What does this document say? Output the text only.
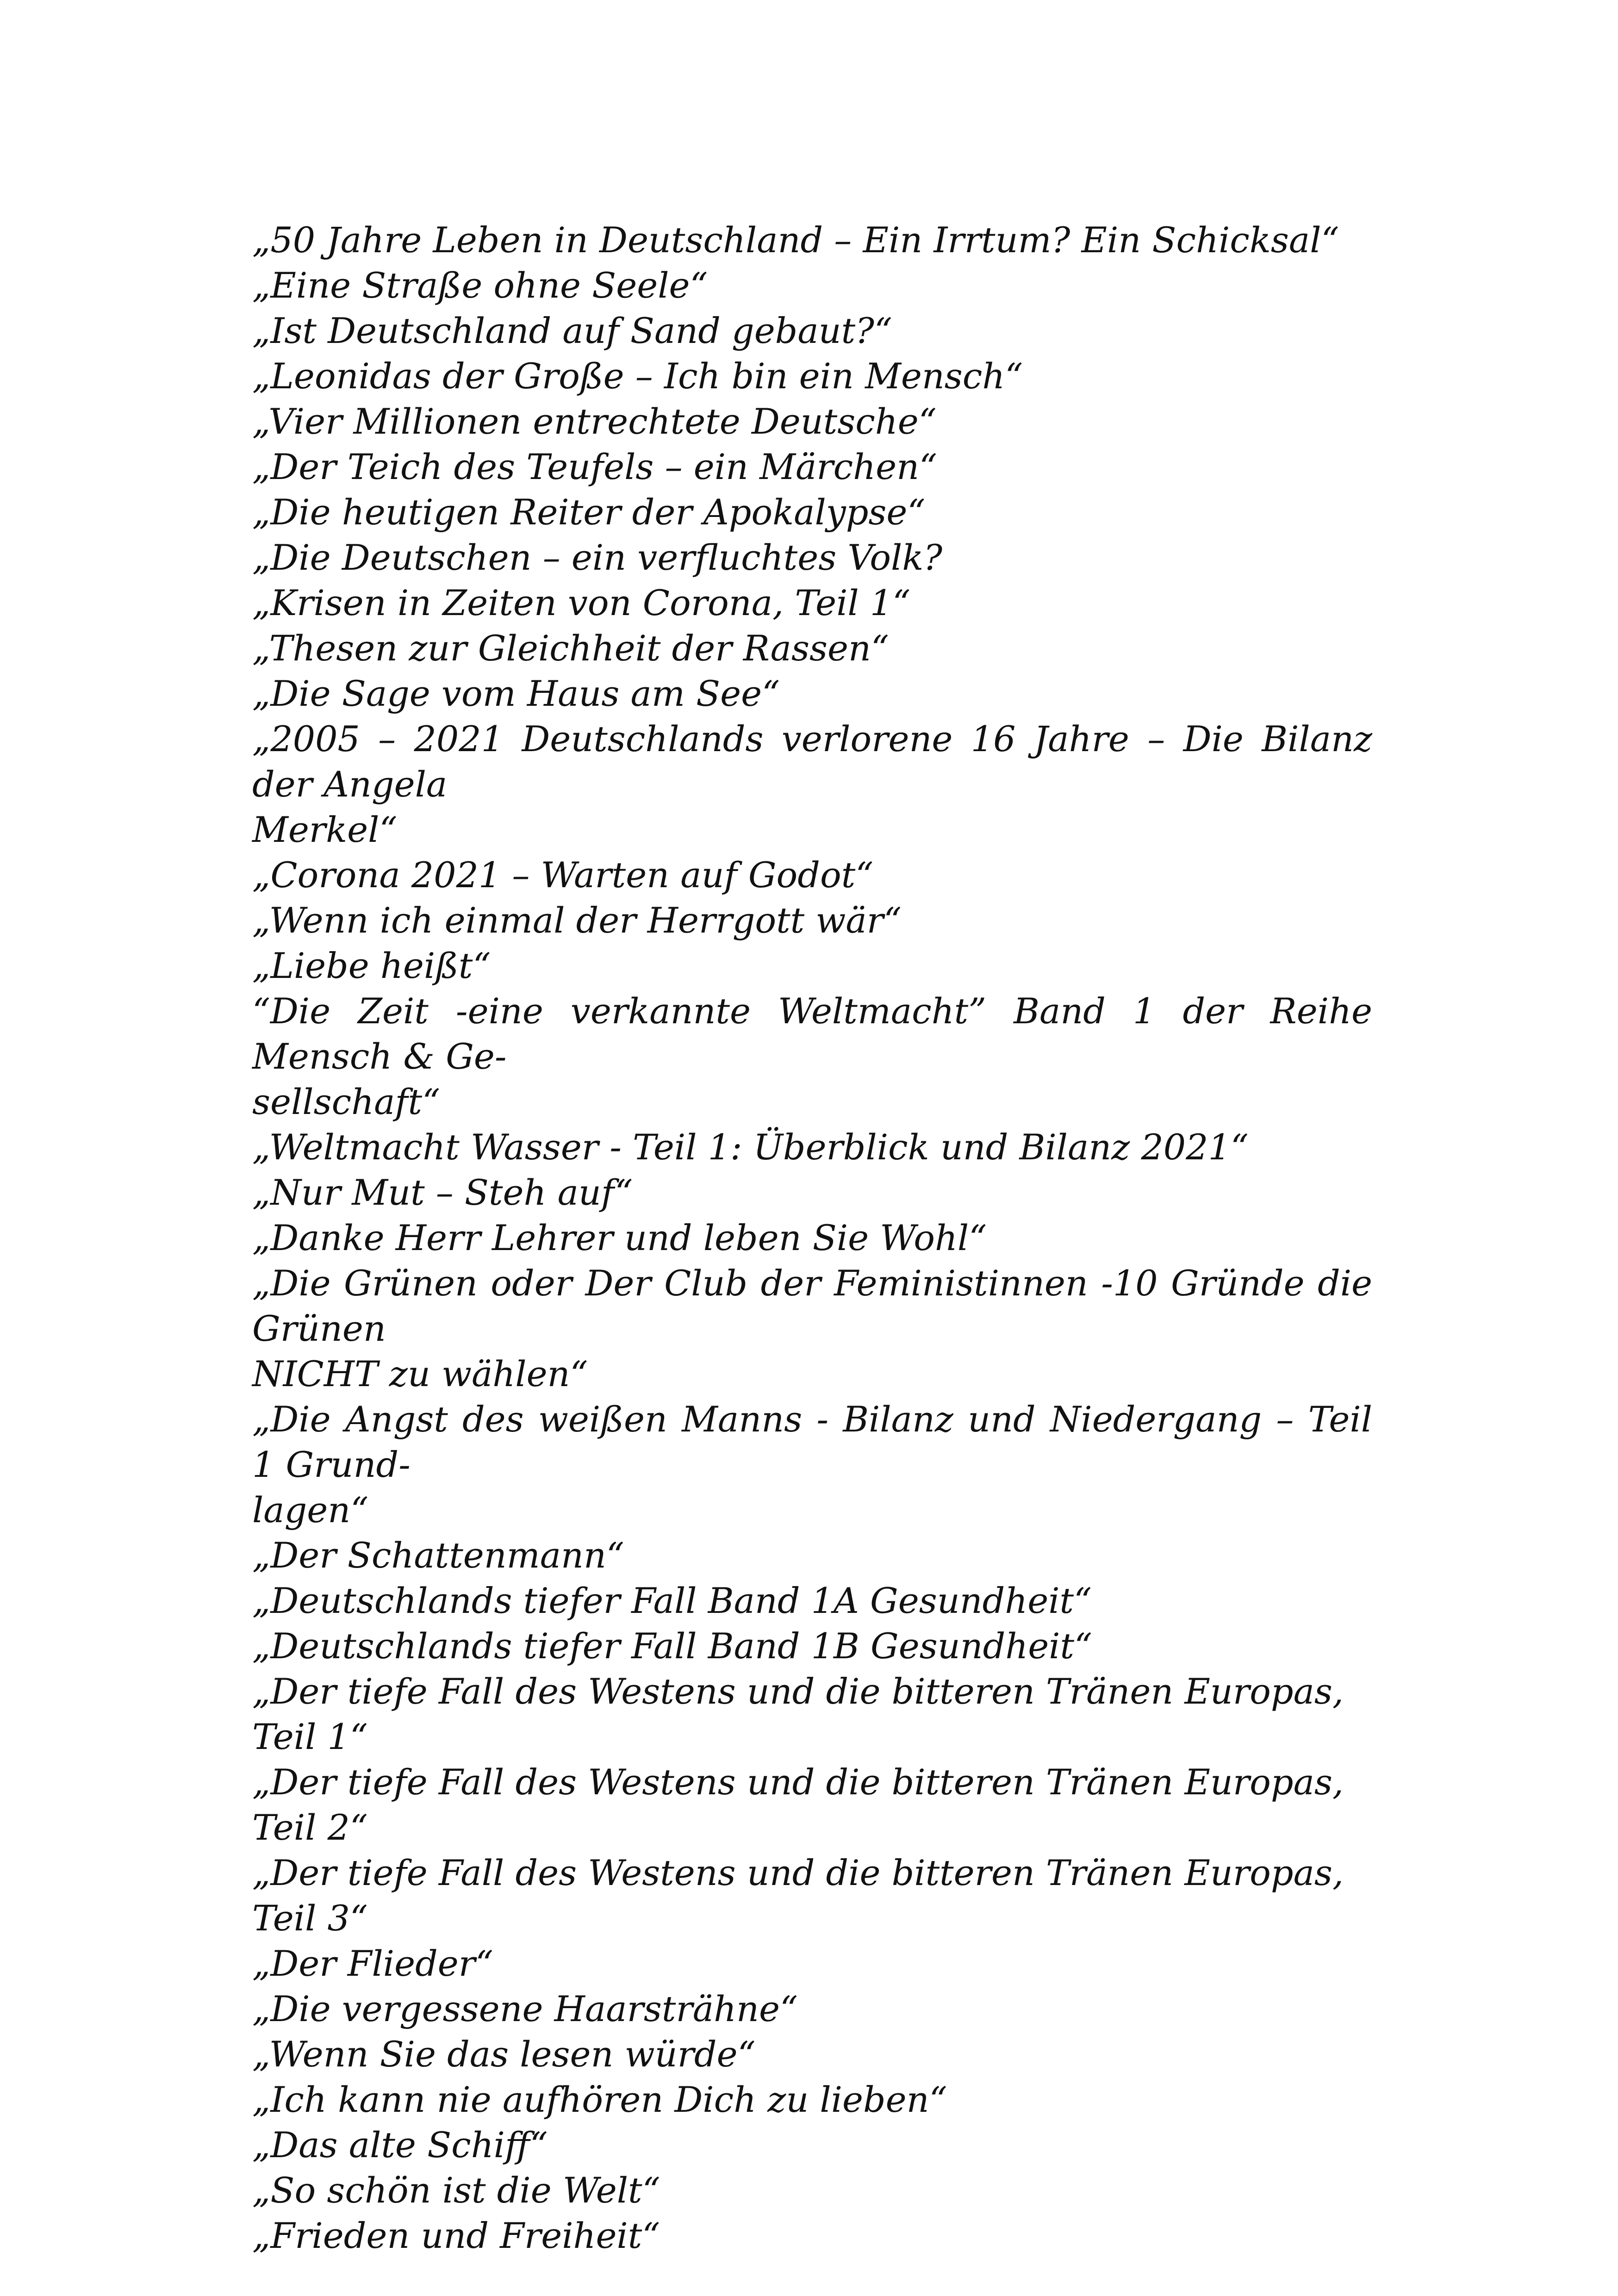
„50 Jahre Leben in Deutschland – Ein Irrtum? Ein Schicksal“
„Eine Straße ohne Seele“
„Ist Deutschland auf Sand gebaut?“
„Leonidas der Große – Ich bin ein Mensch“
„Vier Millionen entrechtete Deutsche“
„Der Teich des Teufels – ein Märchen“
„Die heutigen Reiter der Apokalypse“
„Die Deutschen – ein verfluchtes Volk?
„Krisen in Zeiten von Corona, Teil 1“
„Thesen zur Gleichheit der Rassen“
„Die Sage vom Haus am See“
„2005 – 2021 Deutschlands verlorene 16 Jahre – Die Bilanz der Angela
Merkel“
„Corona 2021 – Warten auf Godot“
„Wenn ich einmal der Herrgott wär“
„Liebe heißt“
“Die Zeit -eine verkannte Weltmacht” Band 1 der Reihe Mensch & Ge-
sellschaft“
„Weltmacht Wasser - Teil 1: Überblick und Bilanz 2021“
„Nur Mut – Steh auf“
„Danke Herr Lehrer und leben Sie Wohl“
„Die Grünen oder Der Club der Feministinnen -10 Gründe die Grünen
NICHT zu wählen“
„Die Angst des weißen Manns - Bilanz und Niedergang – Teil 1 Grund-
lagen“
„Der Schattenmann“
„Deutschlands tiefer Fall Band 1A Gesundheit“
„Deutschlands tiefer Fall Band 1B Gesundheit“
„Der tiefe Fall des Westens und die bitteren Tränen Europas, Teil 1“
„Der tiefe Fall des Westens und die bitteren Tränen Europas, Teil 2“
„Der tiefe Fall des Westens und die bitteren Tränen Europas, Teil 3“
„Der Flieder“
„Die vergessene Haarsträhne“
„Wenn Sie das lesen würde“
„Ich kann nie aufhören Dich zu lieben“
„Das alte Schiff“
„So schön ist die Welt“
„Frieden und Freiheit“
